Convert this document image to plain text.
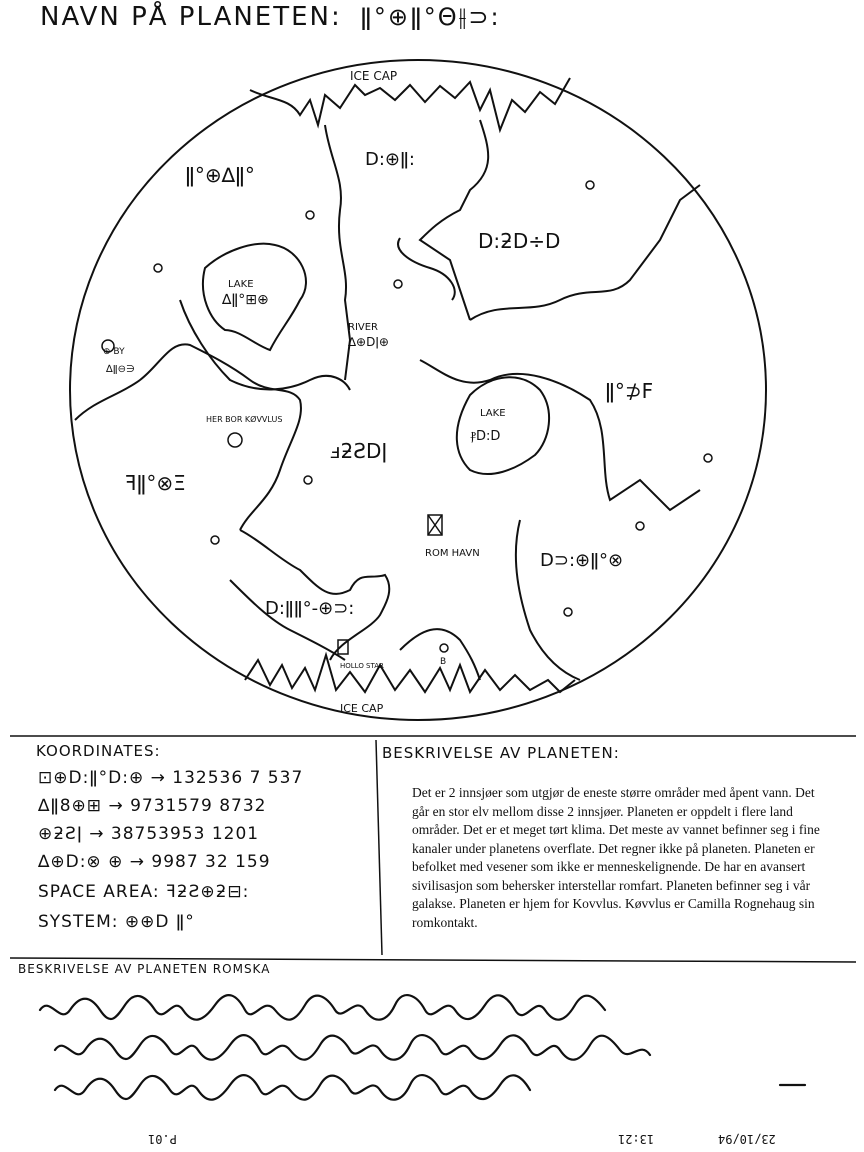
NAVN PÅ PLANETEN: ǁ°⊕ǁ°Θ⫲⊃:
ICE CAP
ICE CAP
ǁ°⊕∆ǁ°
D:⊕ǁ:
D:ƻD÷D
ǁ°⊅F
ꟻǁ°⊗Ξ
ⅎƻƧDǀ
D⊃:⊕ǁ°⊗
D:ǁǁ°-⊕⊃:
LAKE
∆ǁ°⊞⊕
LAKE
ⳁD:D
RIVER
∆⊕Dǀ⊕
⊕ BY
∆ǁ⊖∋
HER BOR KØVVLUS
ROM HAVN
HOLLO STAR	B
KOORDINATES:
⊡⊕D:ǁ°D:⊕ → 132536 7 537
∆ǁ8⊕⊞ → 9731579 8732
⊕ƻƧǀ → 38753953 1201
∆⊕D:⊗ ⊕ → 9987 32 159
SPACE AREA: ꟻƻƧ⊕ƻ⊟:
SYSTEM: ⊕⊕D ǁ°
BESKRIVELSE AV PLANETEN:
Det er 2 innsjøer som utgjør de eneste større områder med åpent vann. Det går en stor elv mellom disse 2 innsjøer. Planeten er oppdelt i flere land områder. Det er et meget tørt klima. Det meste av vannet befinner seg i fine kanaler under planetens overflate. Det regner ikke på planeten. Planeten er befolket med vesener som ikke er menneskelignende. De har en avansert sivilisasjon som behersker interstellar romfart. Planeten befinner seg i vår galakse. Planeten er hjem for Kovvlus. Køvvlus er Camilla Rognehaug sin romkontakt.
BESKRIVELSE AV PLANETEN ROMSKA
P.01	13:21	23/10/94
